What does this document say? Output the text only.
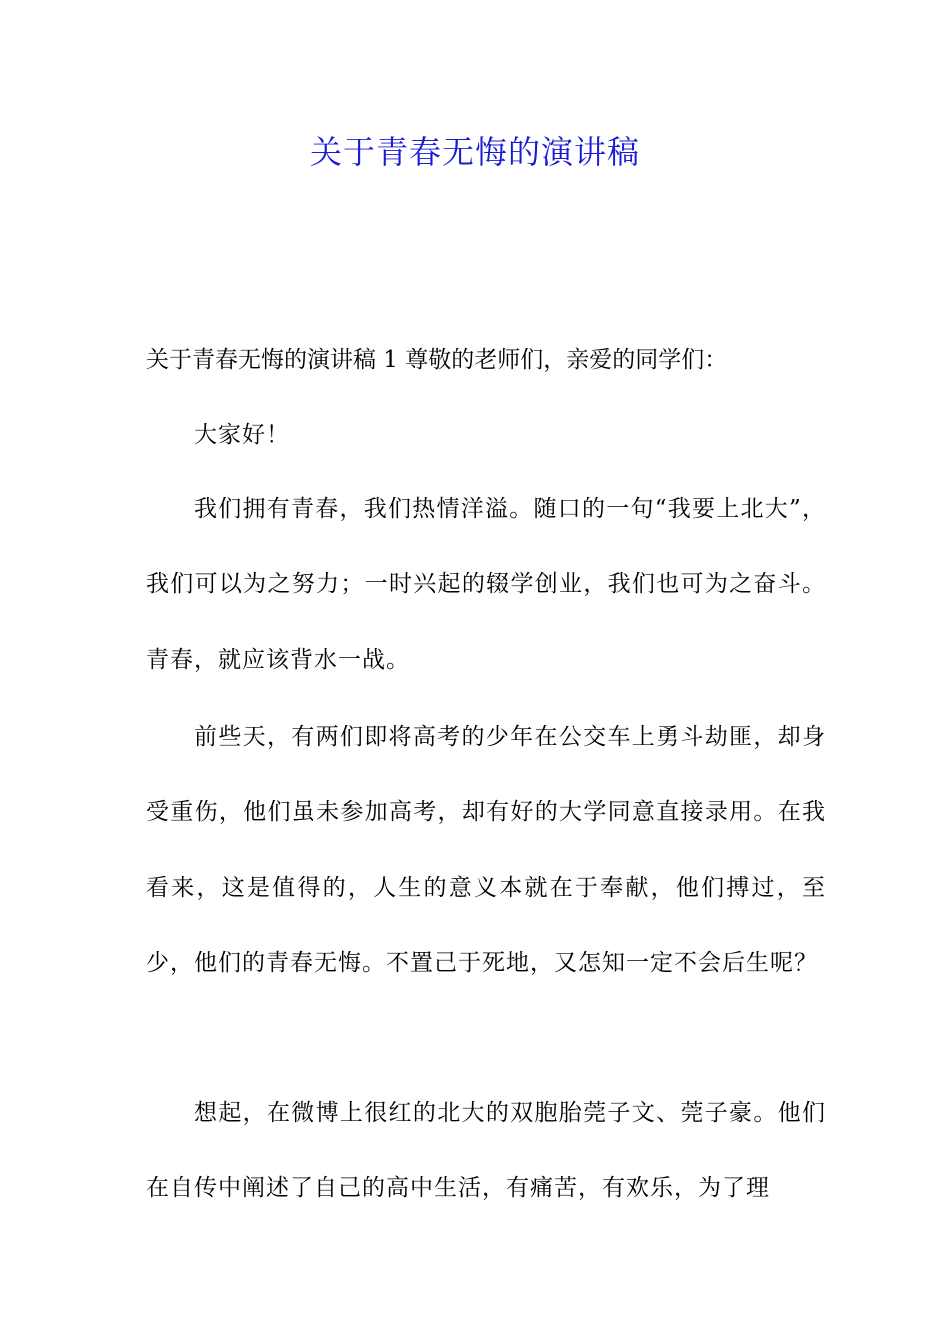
关于青春无悔的演讲稿

关于青春无悔的演讲稿 1 尊敬的老师们，亲爱的同学们：

大家好！

我们拥有青春，我们热情洋溢。随口的一句“我要上北大”，我们可以为之努力；一时兴起的辍学创业，我们也可为之奋斗。青春，就应该背水一战。

前些天，有两们即将高考的少年在公交车上勇斗劫匪，却身受重伤，他们虽未参加高考，却有好的大学同意直接录用。在我看来，这是值得的，人生的意义本就在于奉献，他们搏过，至少，他们的青春无悔。不置己于死地，又怎知一定不会后生呢？

想起，在微博上很红的北大的双胞胎莞子文、莞子豪。他们在自传中阐述了自己的高中生活，有痛苦，有欢乐，为了理
